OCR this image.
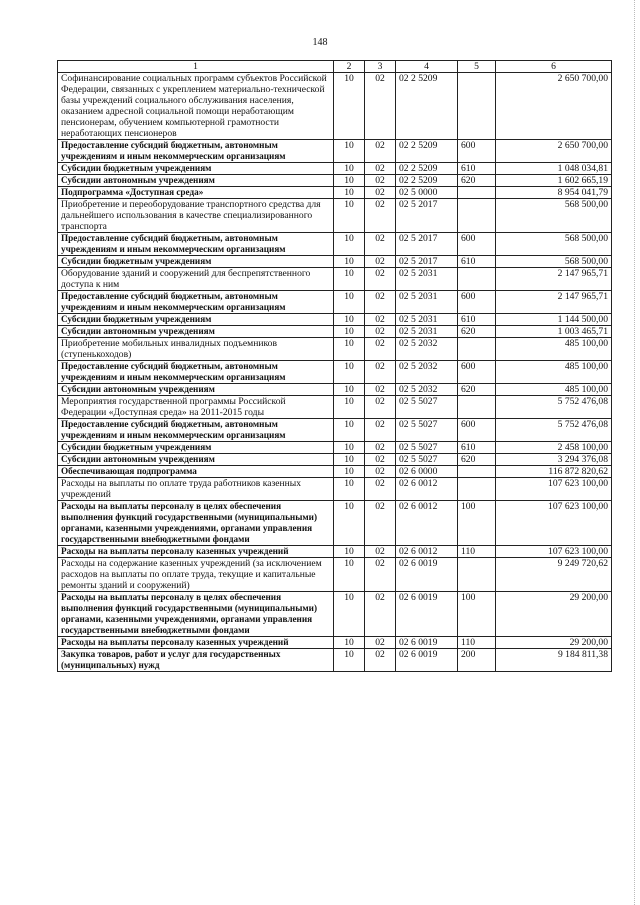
148
1	2	3	4	5	6
Софинансирование социальных программ субъектов Российской Федерации, связанных с укреплением материально-технической базы учреждений социального обслуживания населения, оказанием адресной социальной помощи неработающим пенсионерам, обучением компьютерной грамотности неработающих пенсионеров	10	02	02 2 5209		2 650 700,00
Предоставление субсидий бюджетным, автономным учреждениям и иным некоммерческим организациям	10	02	02 2 5209	600	2 650 700,00
Субсидии бюджетным учреждениям	10	02	02 2 5209	610	1 048 034,81
Субсидии автономным учреждениям	10	02	02 2 5209	620	1 602 665,19
Подпрограмма «Доступная среда»	10	02	02 5 0000		8 954 041,79
Приобретение и переоборудование транспортного средства для дальнейшего использования в качестве специализированного транспорта	10	02	02 5 2017		568 500,00
Предоставление субсидий бюджетным, автономным учреждениям и иным некоммерческим организациям	10	02	02 5 2017	600	568 500,00
Субсидии бюджетным учреждениям	10	02	02 5 2017	610	568 500,00
Оборудование зданий и сооружений для беспрепятственного доступа к ним	10	02	02 5 2031		2 147 965,71
Предоставление субсидий бюджетным, автономным учреждениям и иным некоммерческим организациям	10	02	02 5 2031	600	2 147 965,71
Субсидии бюджетным учреждениям	10	02	02 5 2031	610	1 144 500,00
Субсидии автономным учреждениям	10	02	02 5 2031	620	1 003 465,71
Приобретение мобильных инвалидных подъемников (ступенькоходов)	10	02	02 5 2032		485 100,00
Предоставление субсидий бюджетным, автономным учреждениям и иным некоммерческим организациям	10	02	02 5 2032	600	485 100,00
Субсидии автономным учреждениям	10	02	02 5 2032	620	485 100,00
Мероприятия государственной программы Российской Федерации «Доступная среда» на 2011-2015 годы	10	02	02 5 5027		5 752 476,08
Предоставление субсидий бюджетным, автономным учреждениям и иным некоммерческим организациям	10	02	02 5 5027	600	5 752 476,08
Субсидии бюджетным учреждениям	10	02	02 5 5027	610	2 458 100,00
Субсидии автономным учреждениям	10	02	02 5 5027	620	3 294 376,08
Обеспечивающая подпрограмма	10	02	02 6 0000		116 872 820,62
Расходы на выплаты по оплате труда работников казенных учреждений	10	02	02 6 0012		107 623 100,00
Расходы на выплаты персоналу в целях обеспечения выполнения функций государственными (муниципальными) органами, казенными учреждениями, органами управления государственными внебюджетными фондами	10	02	02 6 0012	100	107 623 100,00
Расходы на выплаты персоналу казенных учреждений	10	02	02 6 0012	110	107 623 100,00
Расходы на содержание казенных учреждений (за исключением расходов на выплаты по оплате труда, текущие и капитальные ремонты зданий и сооружений)	10	02	02 6 0019		9 249 720,62
Расходы на выплаты персоналу в целях обеспечения выполнения функций государственными (муниципальными) органами, казенными учреждениями, органами управления государственными внебюджетными фондами	10	02	02 6 0019	100	29 200,00
Расходы на выплаты персоналу казенных учреждений	10	02	02 6 0019	110	29 200,00
Закупка товаров, работ и услуг для государственных (муниципальных) нужд	10	02	02 6 0019	200	9 184 811,38
